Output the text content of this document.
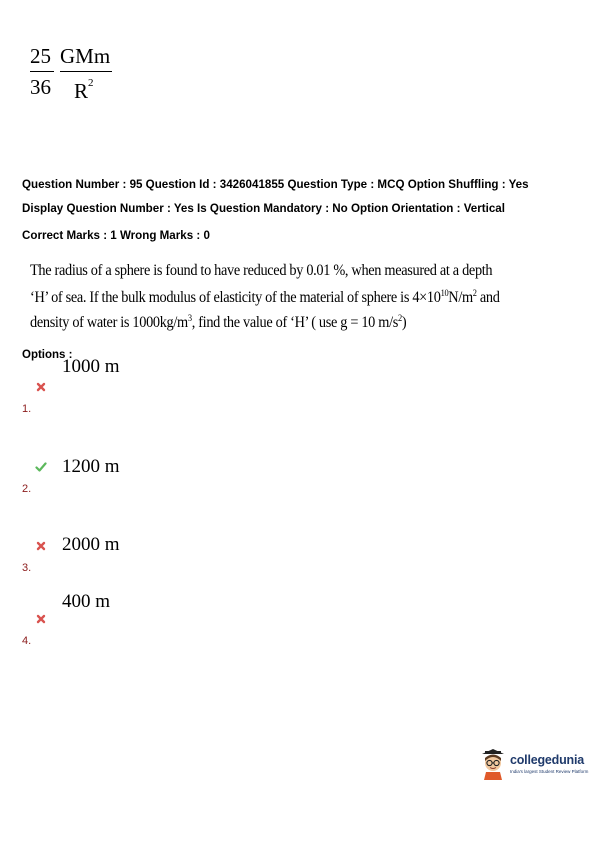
25
36
GMm
$R^2$
Question Number : 95 Question Id : 3426041855 Question Type : MCQ Option Shuffling : Yes
Display Question Number : Yes Is Question Mandatory : No Option Orientation : Vertical
Correct Marks : 1 Wrong Marks : 0
The radius of a sphere is found to have reduced by 0.01 %, when measured at a depth
‘H’ of sea. If the bulk modulus of elasticity of the material of sphere is $4\times 10^{10}N/m^2$ and
density of water is $1000kg/m^3$, find the value of ‘H’ ( use g = 10 $m/s^2$)
Options :
1000 m
1.
1200 m
2.
2000 m
3.
400 m
4.
collegedunia
India's largest Student Review Platform
